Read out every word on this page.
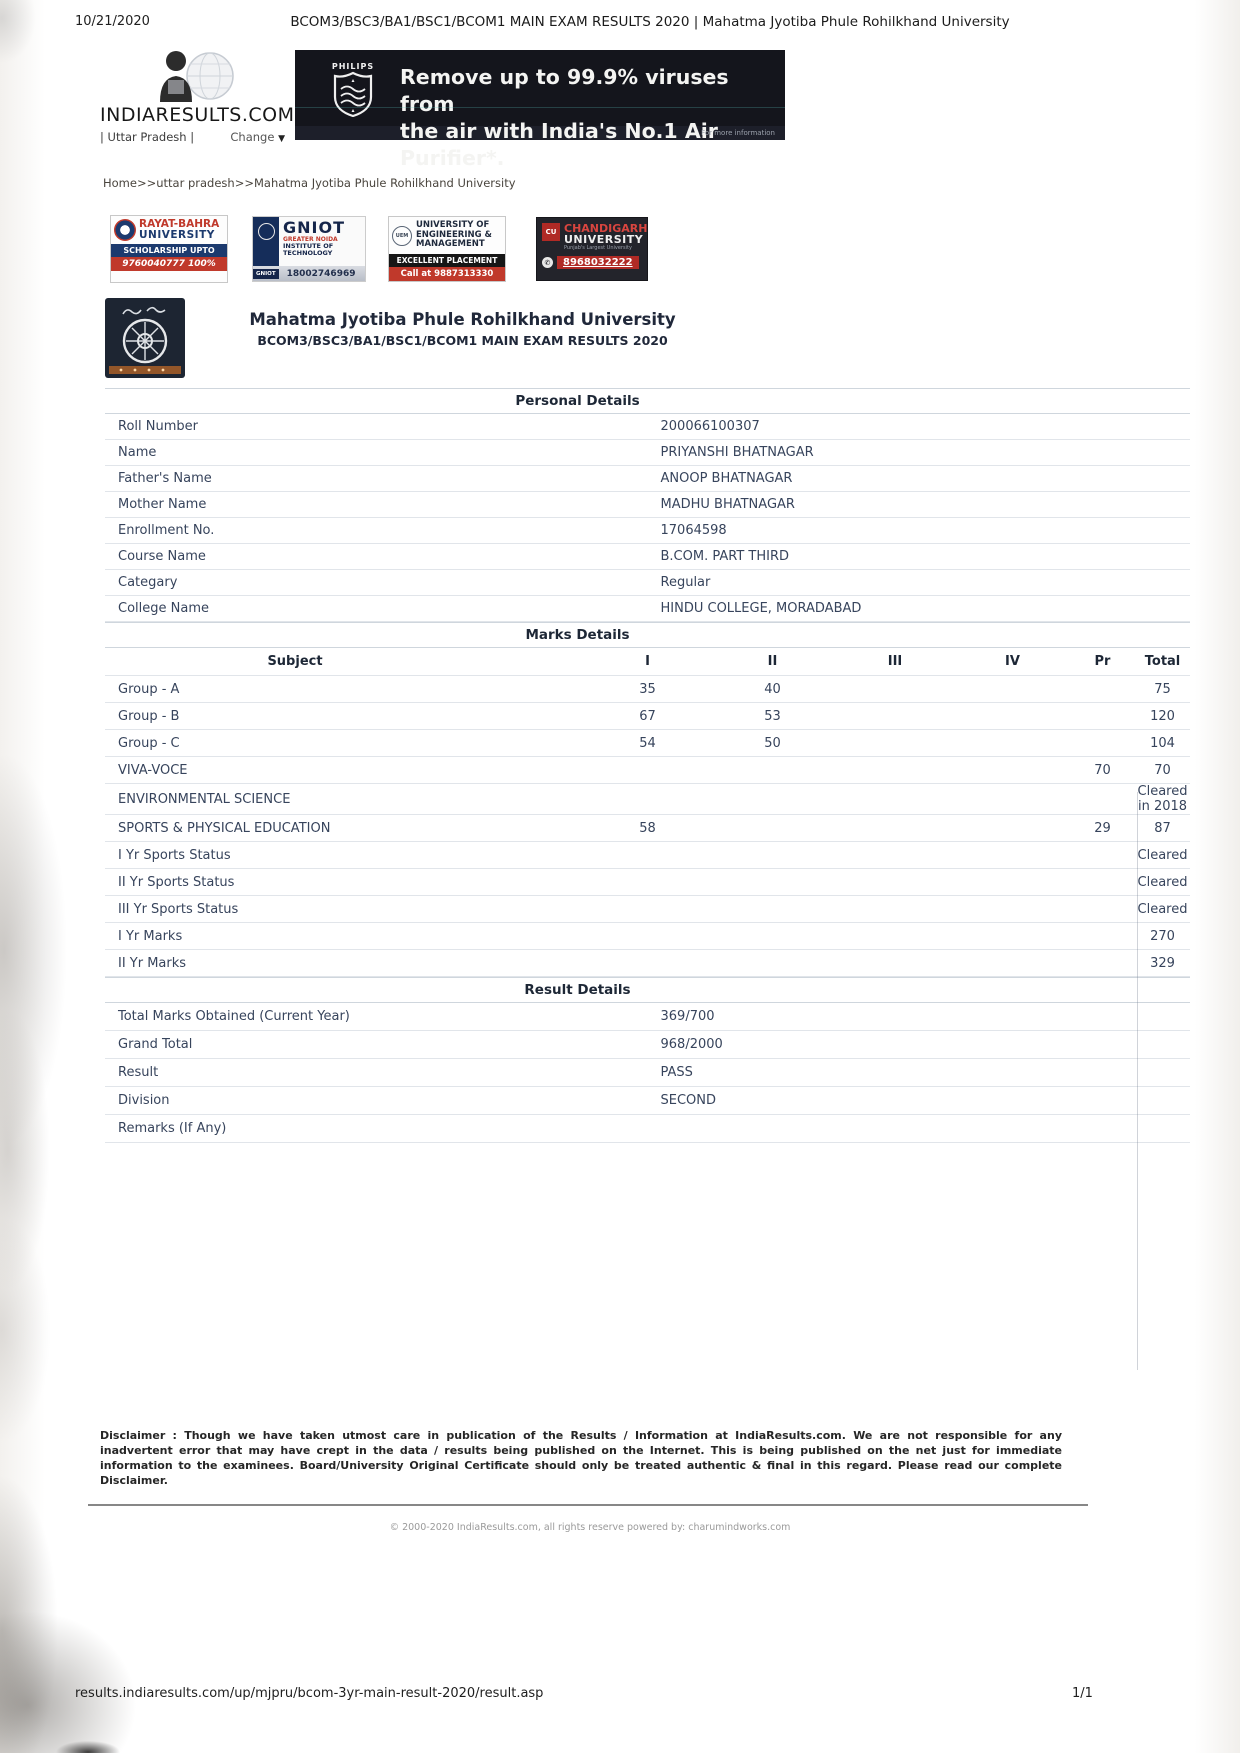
10/21/2020	BCOM3/BSC3/BA1/BSC1/BCOM1 MAIN EXAM RESULTS 2020 | Mahatma Jyotiba Phule Rohilkhand University
INDIARESULTS.COM
| Uttar Pradesh |	Change ▼
PHILIPS Remove up to 99.9% viruses from
the air with India's No.1 Air Purifier*.
For more information
Home>>uttar pradesh>>Mahatma Jyotiba Phule Rohilkhand University
RAYAT-BAHRA
UNIVERSITY
SCHOLARSHIP UPTO
9760040777 100%
GNIOT
GREATER NOIDA
INSTITUTE OF TECHNOLOGY
GNIOT	18002746969
UEM
UNIVERSITY OF
ENGINEERING &
MANAGEMENT
EXCELLENT PLACEMENT
Call at 9887313330
CU CHANDIGARH
UNIVERSITY
Punjab's Largest University
✆	8968032222
Mahatma Jyotiba Phule Rohilkhand University
BCOM3/BSC3/BA1/BSC1/BCOM1 MAIN EXAM RESULTS 2020
Personal Details	
Roll Number	200066100307
Name	PRIYANSHI BHATNAGAR
Father's Name	ANOOP BHATNAGAR
Mother Name	MADHU BHATNAGAR
Enrollment No.	17064598
Course Name	B.COM. PART THIRD
Categary	Regular
College Name	HINDU COLLEGE, MORADABAD
Marks Details						
Subject	I	II	III	IV	Pr	Total
Group - A	35	40				75
Group - B	67	53				120
Group - C	54	50				104
VIVA-VOCE					70	70
ENVIRONMENTAL SCIENCE						Cleared in 2018
SPORTS & PHYSICAL EDUCATION	58				29	87
I Yr Sports Status						Cleared
II Yr Sports Status						Cleared
III Yr Sports Status						Cleared
I Yr Marks						270
II Yr Marks						329
Result Details	
Total Marks Obtained (Current Year)	369/700
Grand Total	968/2000
Result	PASS
Division	SECOND
Remarks (If Any)	
Disclaimer : Though we have taken utmost care in publication of the Results / Information at IndiaResults.com. We are not responsible for any inadvertent error that may have crept in the data / results being published on the Internet. This is being published on the net just for immediate information to the examinees. Board/University Original Certificate should only be treated authentic & final in this regard. Please read our complete Disclaimer.
© 2000-2020 IndiaResults.com, all rights reserve powered by: charumindworks.com
results.indiaresults.com/up/mjpru/bcom-3yr-main-result-2020/result.asp	1/1
